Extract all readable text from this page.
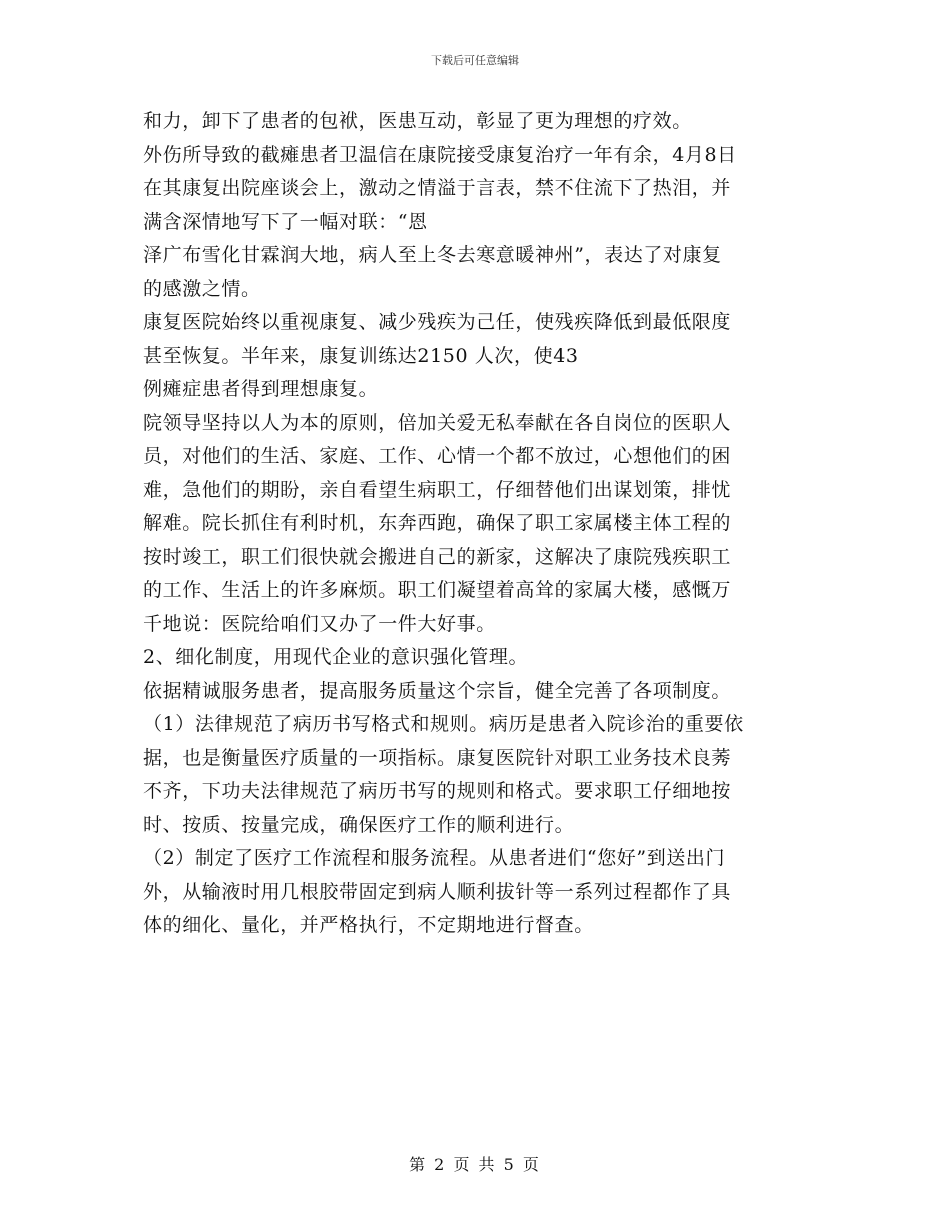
下载后可任意编辑
和力，卸下了患者的包袱，医患互动，彰显了更为理想的疗效。
外伤所导致的截瘫患者卫温信在康院接受康复治疗一年有余，4月8日
在其康复出院座谈会上，激动之情溢于言表，禁不住流下了热泪，并
满含深情地写下了一幅对联：“恩
泽广布雪化甘霖润大地，病人至上冬去寒意暖神州”，表达了对康复
的感激之情。
康复医院始终以重视康复、减少残疾为己任，使残疾降低到最低限度
甚至恢复。半年来，康复训练达2150 人次，使43
例瘫症患者得到理想康复。
院领导坚持以人为本的原则，倍加关爱无私奉献在各自岗位的医职人
员，对他们的生活、家庭、工作、心情一个都不放过，心想他们的困
难，急他们的期盼，亲自看望生病职工，仔细替他们出谋划策，排忧
解难。院长抓住有利时机，东奔西跑，确保了职工家属楼主体工程的
按时竣工，职工们很快就会搬进自己的新家，这解决了康院残疾职工
的工作、生活上的许多麻烦。职工们凝望着高耸的家属大楼，感慨万
千地说：医院给咱们又办了一件大好事。
2、细化制度，用现代企业的意识强化管理。
依据精诚服务患者，提高服务质量这个宗旨，健全完善了各项制度。
（1）法律规范了病历书写格式和规则。病历是患者入院诊治的重要依
据，也是衡量医疗质量的一项指标。康复医院针对职工业务技术良莠
不齐，下功夫法律规范了病历书写的规则和格式。要求职工仔细地按
时、按质、按量完成，确保医疗工作的顺利进行。
（2）制定了医疗工作流程和服务流程。从患者进们“您好”到送出门
外，从输液时用几根胶带固定到病人顺利拔针等一系列过程都作了具
体的细化、量化，并严格执行，不定期地进行督查。
第 2 页 共 5 页
